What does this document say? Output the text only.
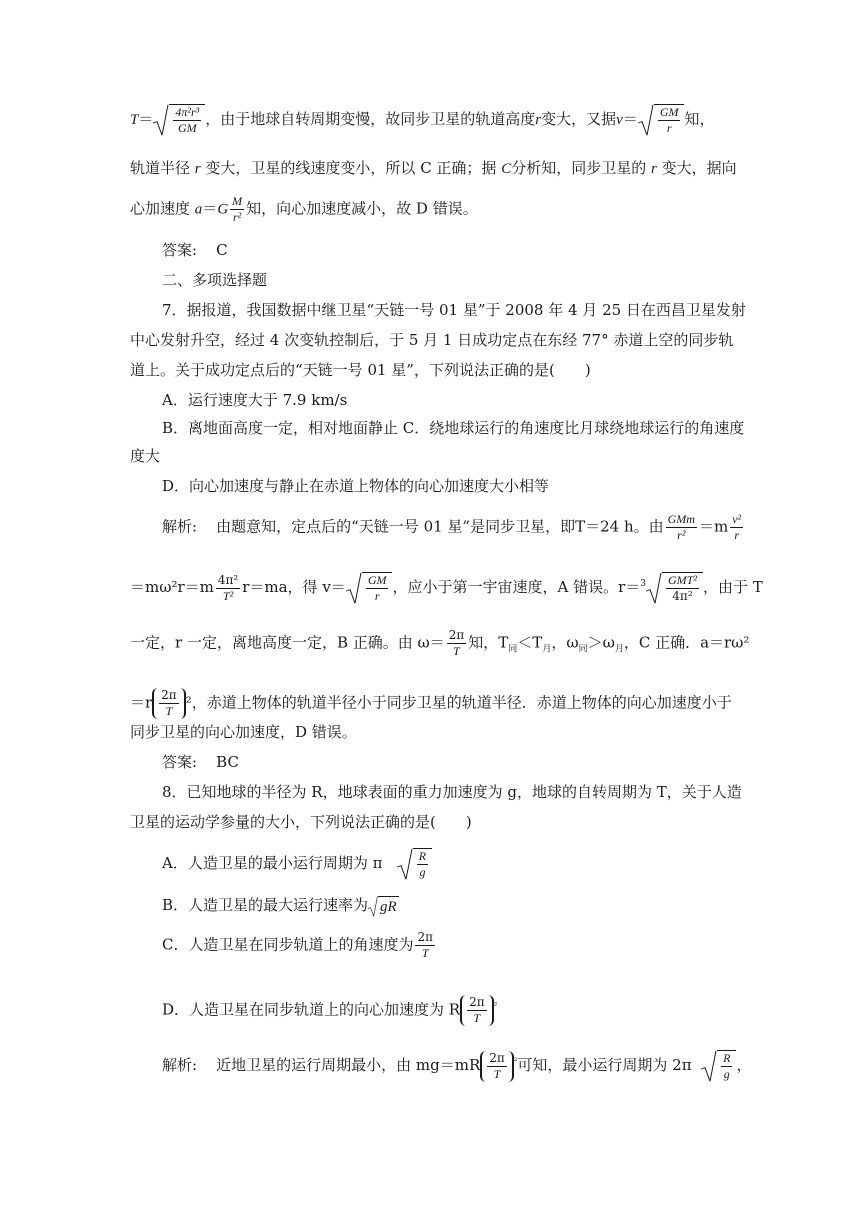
$T= \frac{\text{4π²r³}}{GM}$ ，由于地球自转周期变慢，故同步卫星的轨道高度r变大，又据$v= \frac{GM}{r}$ 知，
轨道半径 r 变大，卫星的线速度变小，所以 C 正确；据 C分析知，同步卫星的 r 变大，据向
心加速度 $a=G \frac{M}{\text{r²}}$ 知，向心加速度减小，故 D 错误。
答案: C
二、多项选择题
7．据报道，我国数据中继卫星“天链一号 01 星”于 2008 年 4 月 25 日在西昌卫星发射
中心发射升空，经过 4 次变轨控制后，于 5 月 1 日成功定点在东经 77° 赤道上空的同步轨
道上。关于成功定点后的“天链一号 01 星”，下列说法正确的是(　　)
A．运行速度大于 7.9 km/s
B．离地面高度一定，相对地面静止 C．绕地球运行的角速度比月球绕地球运行的角速度
度大
D．向心加速度与静止在赤道上物体的向心加速度大小相等
解析: 由题意知，定点后的“天链一号 01 星”是同步卫星，即T＝24 h。由 $\frac{\text{GMm}}{\text{r²}} =m \frac{\text{v²}}{r}$
$=m\omega^2r=m \frac{\text{4π²}}{\text{T²}} r=ma$，得 $v= \frac{GM}{r}$ ，应小于第一宇宙速度，A 错误。$r=^3 \frac{\text{GMT²}}{\text{4π²}}$ ，由于 T
一定，r 一定，离地高度一定，B 正确。由 $\omega= \frac{2\pi}{T}$ 知，$T_同<T_月$，$\omega_同>\omega_月$，C 正确．a＝rω²
$=r \frac{2\pi}{T} ^2$，赤道上物体的轨道半径小于同步卫星的轨道半径．赤道上物体的向心加速度小于
同步卫星的向心加速度，D 错误。
答案: BC
8．已知地球的半径为 R，地球表面的重力加速度为 g，地球的自转周期为 T，关于人造
卫星的运动学参量的大小，下列说法正确的是(　　)
A．人造卫星的最小运行周期为 π	$\frac{R}{g}$
B．人造卫星的最大运行速率为 gR
C．人造卫星在同步轨道上的角速度为 $\frac{2\pi}{T}$
D．人造卫星在同步轨道上的向心加速度为 R $\frac{2\pi}{T} ^{^2}$
解析: 近地卫星的运行周期最小，由 $mg=mR \frac{2\pi}{T} ^{^2}$可知，最小运行周期为 $2\pi \frac{R}{g}$ ，
